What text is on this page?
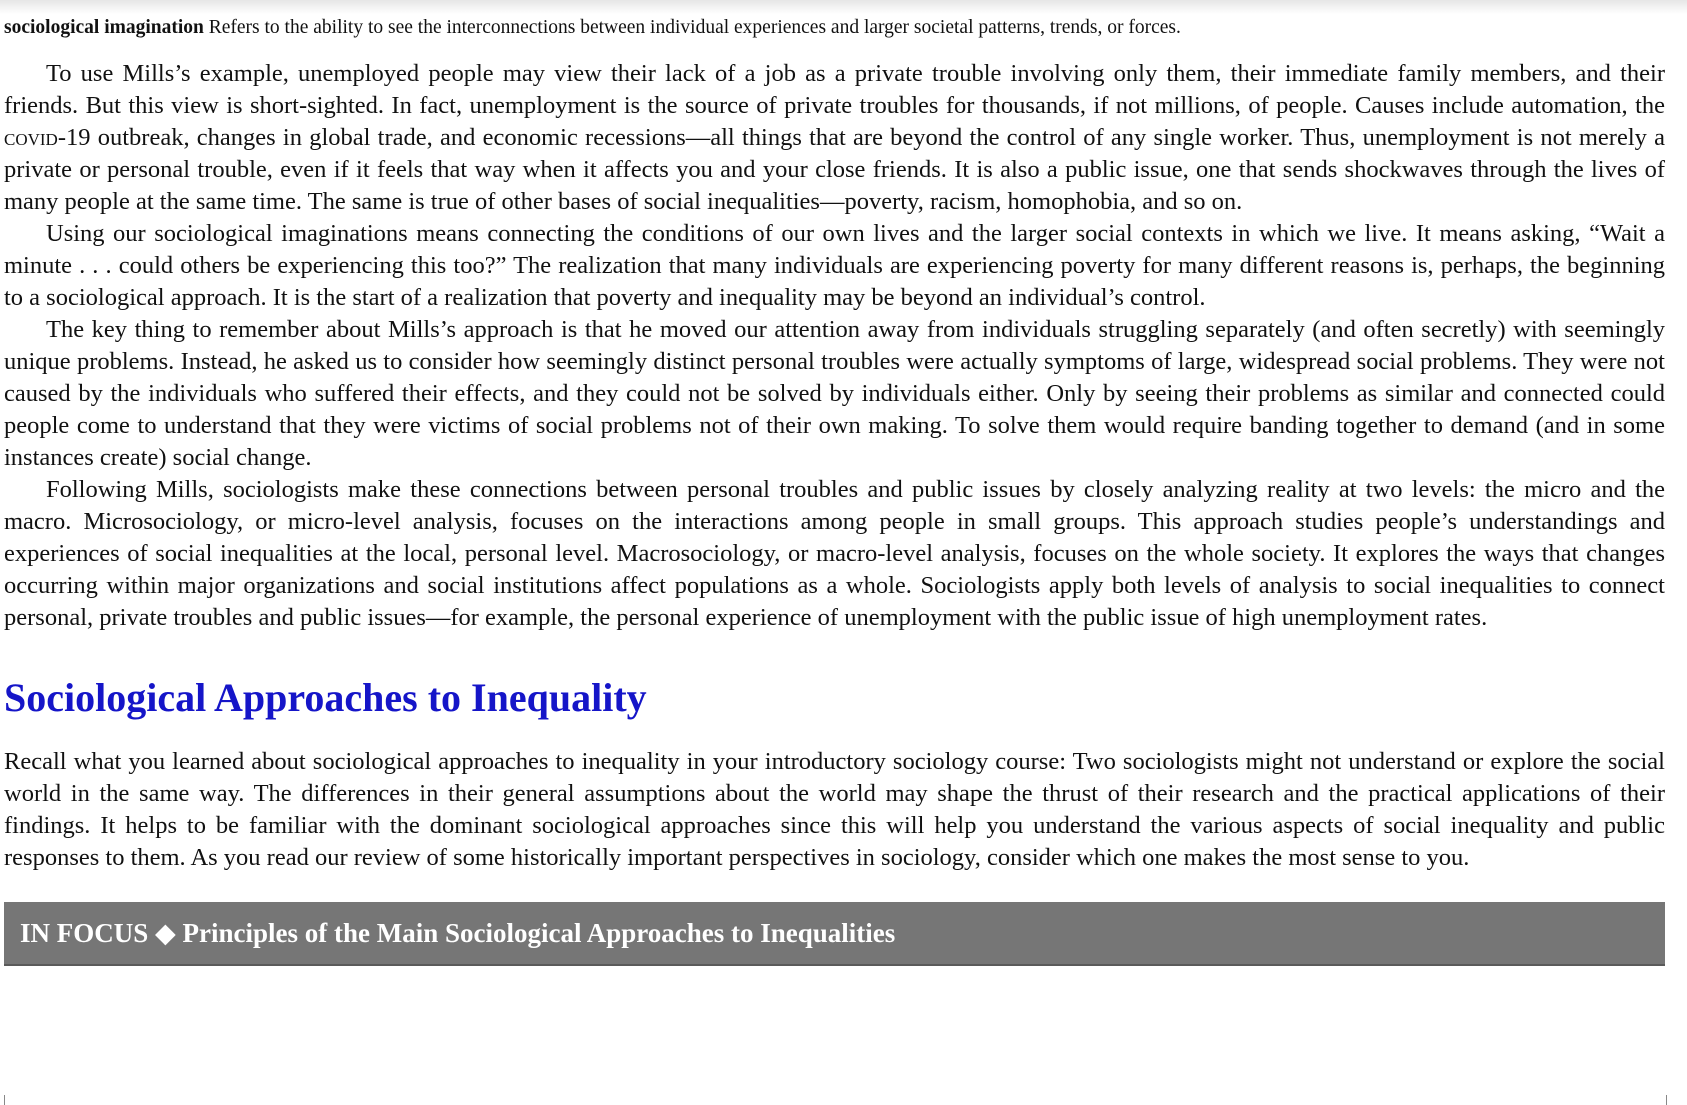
sociological imagination Refers to the ability to see the interconnections between individual experiences and larger societal patterns, trends, or forces.

To use Mills’s example, unemployed people may view their lack of a job as a private trouble involving only them, their immediate family members, and their friends. But this view is short-sighted. In fact, unemployment is the source of private troubles for thousands, if not millions, of people. Causes include automation, the covid-19 outbreak, changes in global trade, and economic recessions—all things that are beyond the control of any single worker. Thus, unemployment is not merely a private or personal trouble, even if it feels that way when it affects you and your close friends. It is also a public issue, one that sends shockwaves through the lives of many people at the same time. The same is true of other bases of social inequalities—poverty, racism, homophobia, and so on.

Using our sociological imaginations means connecting the conditions of our own lives and the larger social contexts in which we live. It means asking, “Wait a minute . . . could others be experiencing this too?” The realization that many individuals are experiencing poverty for many different reasons is, perhaps, the beginning to a sociological approach. It is the start of a realization that poverty and inequality may be beyond an individual’s control.

The key thing to remember about Mills’s approach is that he moved our attention away from individuals struggling separately (and often secretly) with seemingly unique problems. Instead, he asked us to consider how seemingly distinct personal troubles were actually symptoms of large, widespread social problems. They were not caused by the individuals who suffered their effects, and they could not be solved by individuals either. Only by seeing their problems as similar and connected could people come to understand that they were victims of social problems not of their own making. To solve them would require banding together to demand (and in some instances create) social change.

Following Mills, sociologists make these connections between personal troubles and public issues by closely analyzing reality at two levels: the micro and the macro. Microsociology, or micro-level analysis, focuses on the interactions among people in small groups. This approach studies people’s understandings and experiences of social inequalities at the local, personal level. Macrosociology, or macro-level analysis, focuses on the whole society. It explores the ways that changes occurring within major organizations and social institutions affect populations as a whole. Sociologists apply both levels of analysis to social inequalities to connect personal, private troubles and public issues—for example, the personal experience of unemployment with the public issue of high unemployment rates.

Sociological Approaches to Inequality

Recall what you learned about sociological approaches to inequality in your introductory sociology course: Two sociologists might not understand or explore the social world in the same way. The differences in their general assumptions about the world may shape the thrust of their research and the practical applications of their findings. It helps to be familiar with the dominant sociological approaches since this will help you understand the various aspects of social inequality and public responses to them. As you read our review of some historically important perspectives in sociology, consider which one makes the most sense to you.

IN FOCUS ◆ Principles of the Main Sociological Approaches to Inequalities
